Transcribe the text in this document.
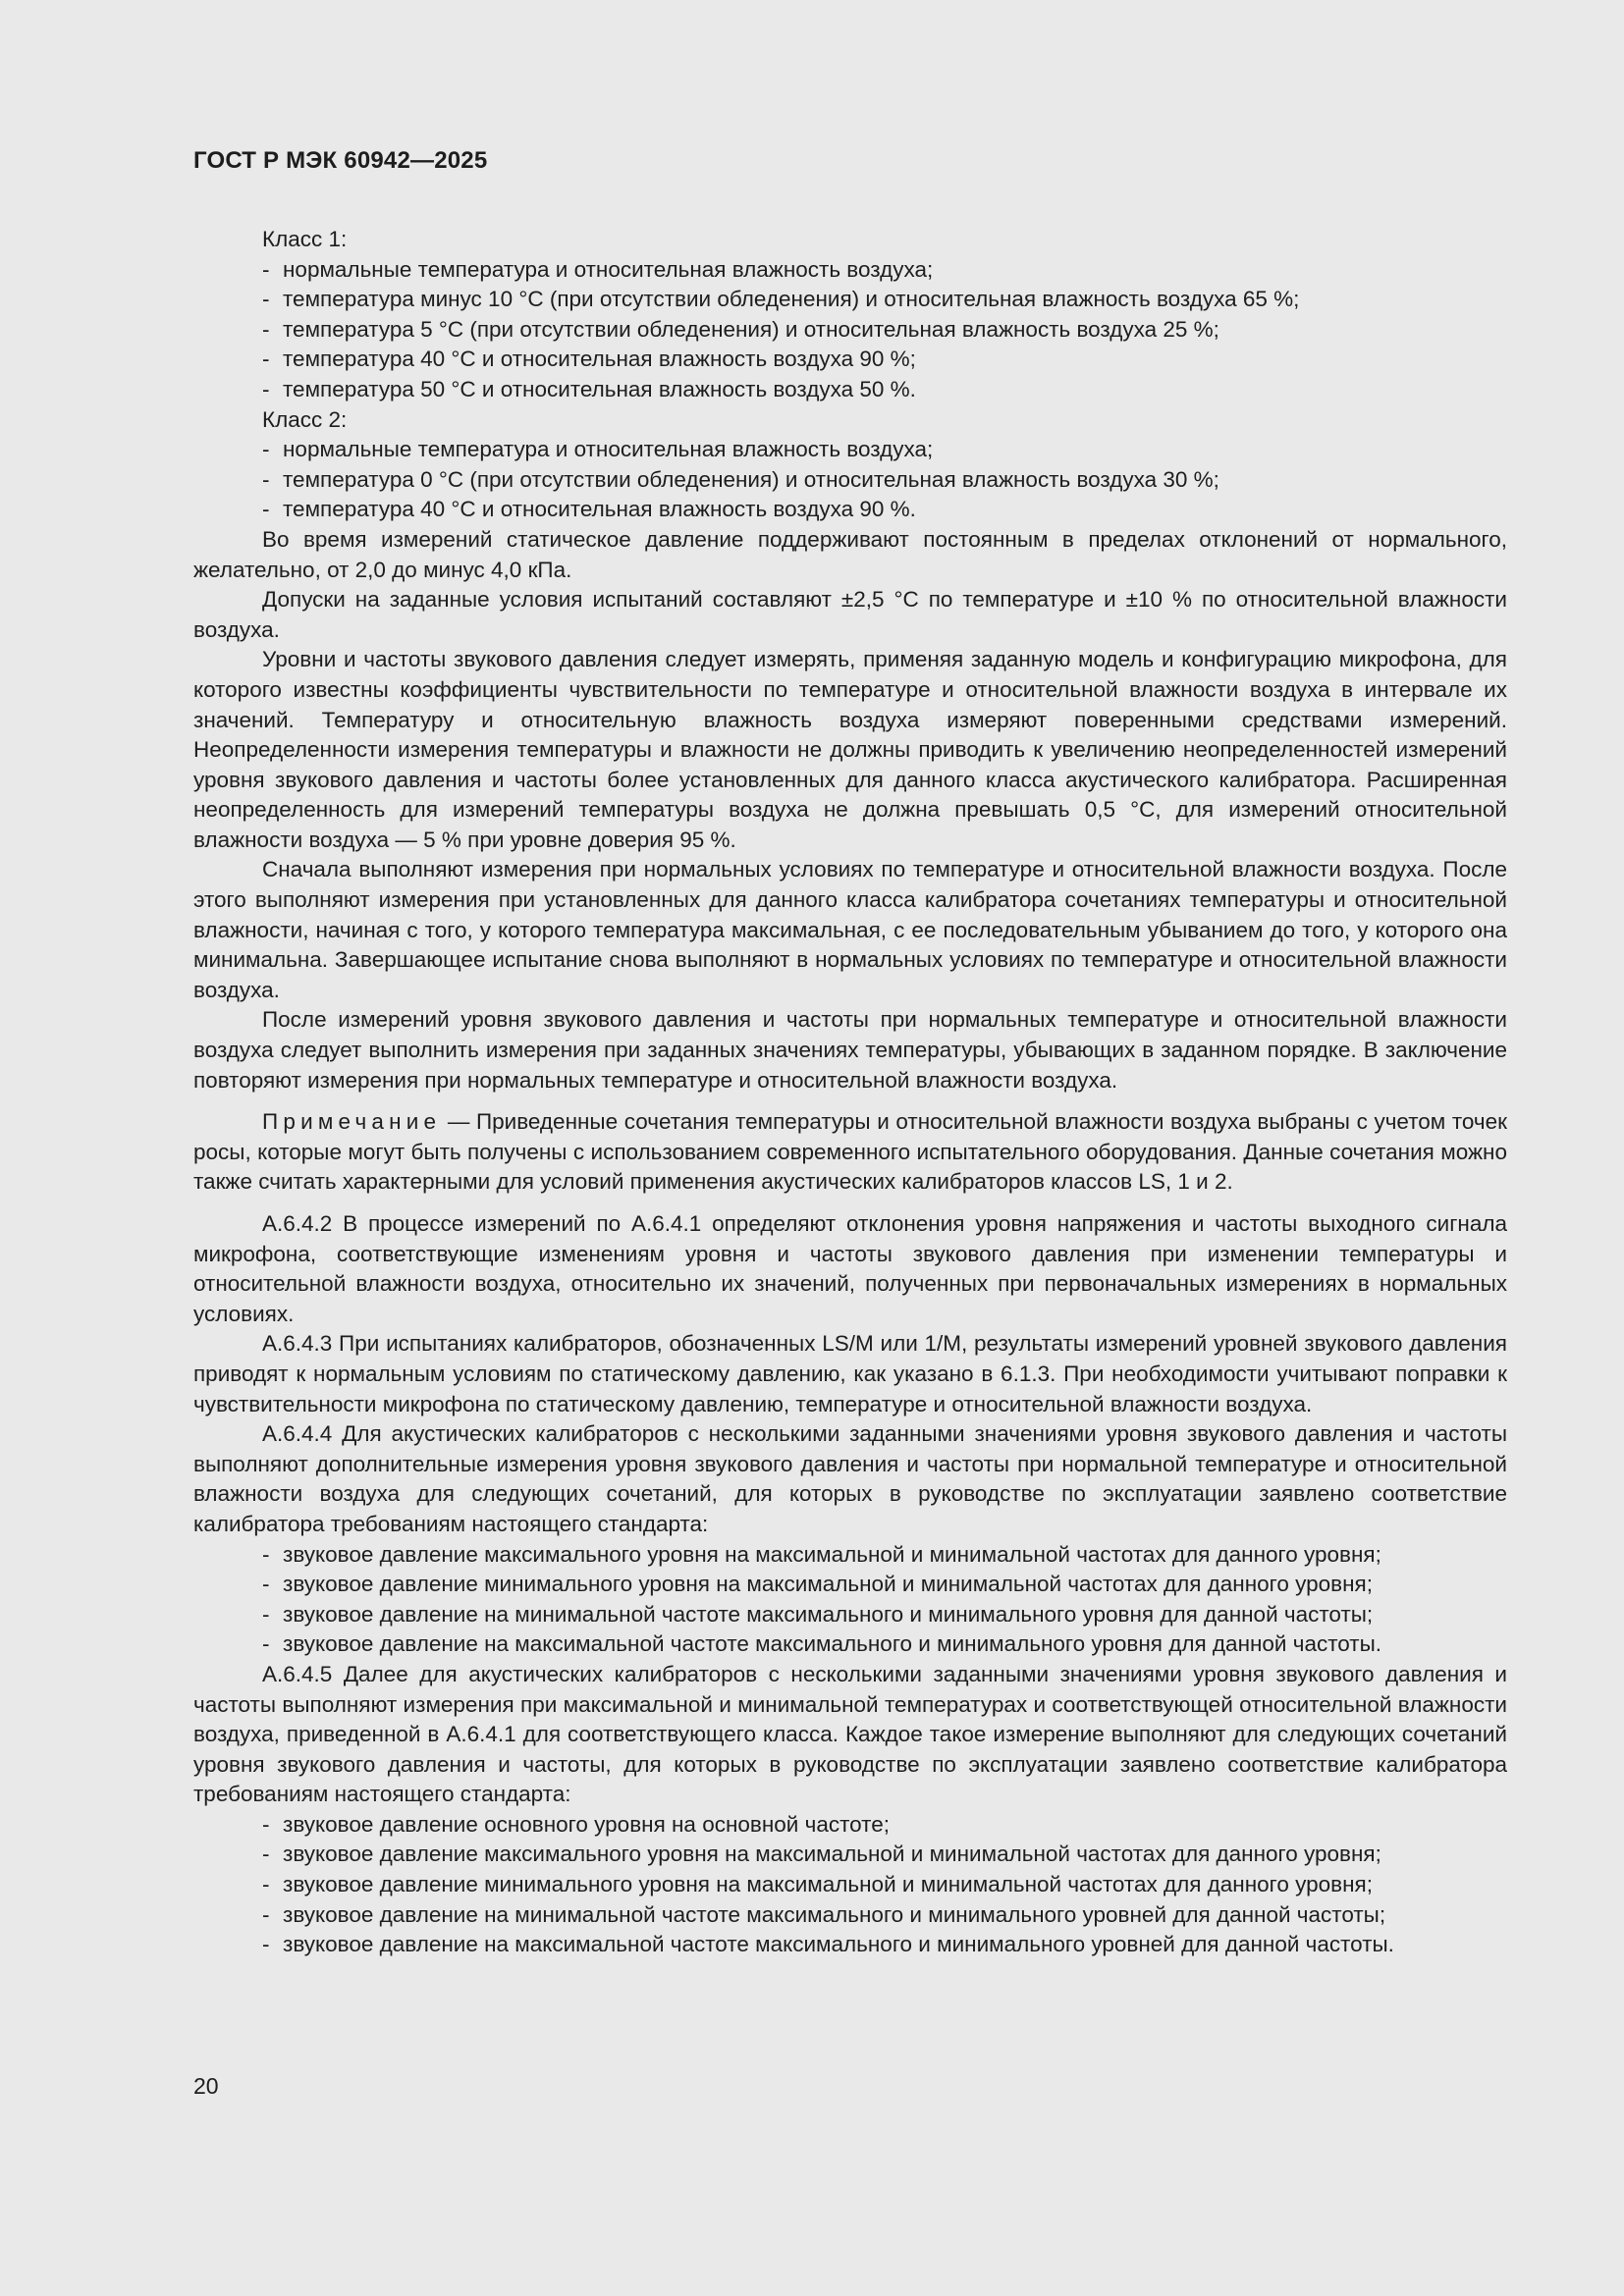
ГОСТ Р МЭК 60942—2025
Класс 1:
- нормальные температура и относительная влажность воздуха;
- температура минус 10 °С (при отсутствии обледенения) и относительная влажность воздуха 65 %;
- температура 5 °С (при отсутствии обледенения) и относительная влажность воздуха 25 %;
- температура 40 °С и относительная влажность воздуха 90 %;
- температура 50 °С и относительная влажность воздуха 50 %.
Класс 2:
- нормальные температура и относительная влажность воздуха;
- температура 0 °С (при отсутствии обледенения) и относительная влажность воздуха 30 %;
- температура 40 °С и относительная влажность воздуха 90 %.

Во время измерений статическое давление поддерживают постоянным в пределах отклонений от нормального, желательно, от 2,0 до минус 4,0 кПа.

Допуски на заданные условия испытаний составляют ±2,5 °С по температуре и ±10 % по относительной влажности воздуха.

Уровни и частоты звукового давления следует измерять, применяя заданную модель и конфигурацию микрофона, для которого известны коэффициенты чувствительности по температуре и относительной влажности воздуха в интервале их значений. Температуру и относительную влажность воздуха измеряют поверенными средствами измерений. Неопределенности измерения температуры и влажности не должны приводить к увеличению неопределенностей измерений уровня звукового давления и частоты более установленных для данного класса акустического калибратора. Расширенная неопределенность для измерений температуры воздуха не должна превышать 0,5 °С, для измерений относительной влажности воздуха — 5 % при уровне доверия 95 %.

Сначала выполняют измерения при нормальных условиях по температуре и относительной влажности воздуха. После этого выполняют измерения при установленных для данного класса калибратора сочетаниях температуры и относительной влажности, начиная с того, у которого температура максимальная, с ее последовательным убыванием до того, у которого она минимальна. Завершающее испытание снова выполняют в нормальных условиях по температуре и относительной влажности воздуха.

После измерений уровня звукового давления и частоты при нормальных температуре и относительной влажности воздуха следует выполнить измерения при заданных значениях температуры, убывающих в заданном порядке. В заключение повторяют измерения при нормальных температуре и относительной влажности воздуха.

Примечание — Приведенные сочетания температуры и относительной влажности воздуха выбраны с учетом точек росы, которые могут быть получены с использованием современного испытательного оборудования. Данные сочетания можно также считать характерными для условий применения акустических калибраторов классов LS, 1 и 2.

А.6.4.2 В процессе измерений по А.6.4.1 определяют отклонения уровня напряжения и частоты выходного сигнала микрофона, соответствующие изменениям уровня и частоты звукового давления при изменении температуры и относительной влажности воздуха, относительно их значений, полученных при первоначальных измерениях в нормальных условиях.

А.6.4.3 При испытаниях калибраторов, обозначенных LS/M или 1/M, результаты измерений уровней звукового давления приводят к нормальным условиям по статическому давлению, как указано в 6.1.3. При необходимости учитывают поправки к чувствительности микрофона по статическому давлению, температуре и относительной влажности воздуха.

А.6.4.4 Для акустических калибраторов с несколькими заданными значениями уровня звукового давления и частоты выполняют дополнительные измерения уровня звукового давления и частоты при нормальной температуре и относительной влажности воздуха для следующих сочетаний, для которых в руководстве по эксплуатации заявлено соответствие калибратора требованиям настоящего стандарта:

- звуковое давление максимального уровня на максимальной и минимальной частотах для данного уровня;
- звуковое давление минимального уровня на максимальной и минимальной частотах для данного уровня;
- звуковое давление на минимальной частоте максимального и минимального уровня для данной частоты;
- звуковое давление на максимальной частоте максимального и минимального уровня для данной частоты.

А.6.4.5 Далее для акустических калибраторов с несколькими заданными значениями уровня звукового давления и частоты выполняют измерения при максимальной и минимальной температурах и соответствующей относительной влажности воздуха, приведенной в А.6.4.1 для соответствующего класса. Каждое такое измерение выполняют для следующих сочетаний уровня звукового давления и частоты, для которых в руководстве по эксплуатации заявлено соответствие калибратора требованиям настоящего стандарта:

- звуковое давление основного уровня на основной частоте;
- звуковое давление максимального уровня на максимальной и минимальной частотах для данного уровня;
- звуковое давление минимального уровня на максимальной и минимальной частотах для данного уровня;
- звуковое давление на минимальной частоте максимального и минимального уровней для данной частоты;
- звуковое давление на максимальной частоте максимального и минимального уровней для данной частоты.
20
